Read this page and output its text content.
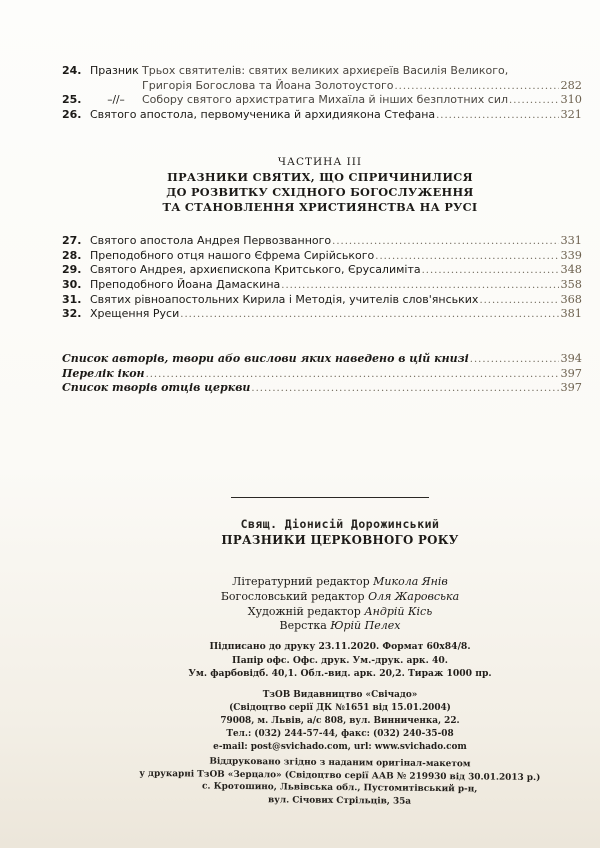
24. Празник Трьох святителів: святих великих архиєреїв Василія Великого,
Григорія Богослова та Йоана Золотоустого .....	282
25.	–//–	Собору святого архистратига Михаїла й інших безплотних сил .....	310
26. Святого апостола, первомученика й архидиякона Стефана .....	321
ЧАСТИНА III
ПРАЗНИКИ СВЯТИХ, ЩО СПРИЧИНИЛИСЯ
ДО РОЗВИТКУ СХІДНОГО БОГОСЛУЖЕННЯ
ТА СТАНОВЛЕННЯ ХРИСТИЯНСТВА НА РУСІ
27. Святого апостола Андрея Первозванного .....	331
28. Преподобного отця нашого Єфрема Сирійського .....	339
29. Святого Андрея, архиєпископа Критського, Єрусалиміта .....	348
30. Преподобного Йоана Дамаскина .....	358
31. Святих рівноапостольних Кирила і Методія, учителів слов'янських .....	368
32. Хрещення Руси .....	381
Список авторів, твори або вислови яких наведено в цій книзі .....	394
Перелік ікон .....	397
Список творів отців церкви .....	397
Свящ. Діонисій Дорожинський
ПРАЗНИКИ ЦЕРКОВНОГО РОКУ
Літературний редактор Микола Янів
Богословський редактор Оля Жаровська
Художній редактор Андрій Кісь
Верстка Юрій Пелех
Підписано до друку 23.11.2020. Формат 60x84/8.
Папір офс. Офс. друк. Ум.-друк. арк. 40.
Ум. фарбовідб. 40,1. Обл.-вид. арк. 20,2. Тираж 1000 пр.
ТзОВ Видавництво «Свічадо»
(Свідоцтво серії ДК №1651 від 15.01.2004)
79008, м. Львів, а/с 808, вул. Винниченка, 22.
Тел.: (032) 244-57-44, факс: (032) 240-35-08
e-mail: post@svichado.com, url: www.svichado.com
Віддруковано згідно з наданим оригінал-макетом
у друкарні ТзОВ «Зерцало» (Свідоцтво серії ААВ № 219930 від 30.01.2013 р.)
с. Кротошино, Львівська обл., Пустомитівський р-н,
вул. Січових Стрільців, 35а
